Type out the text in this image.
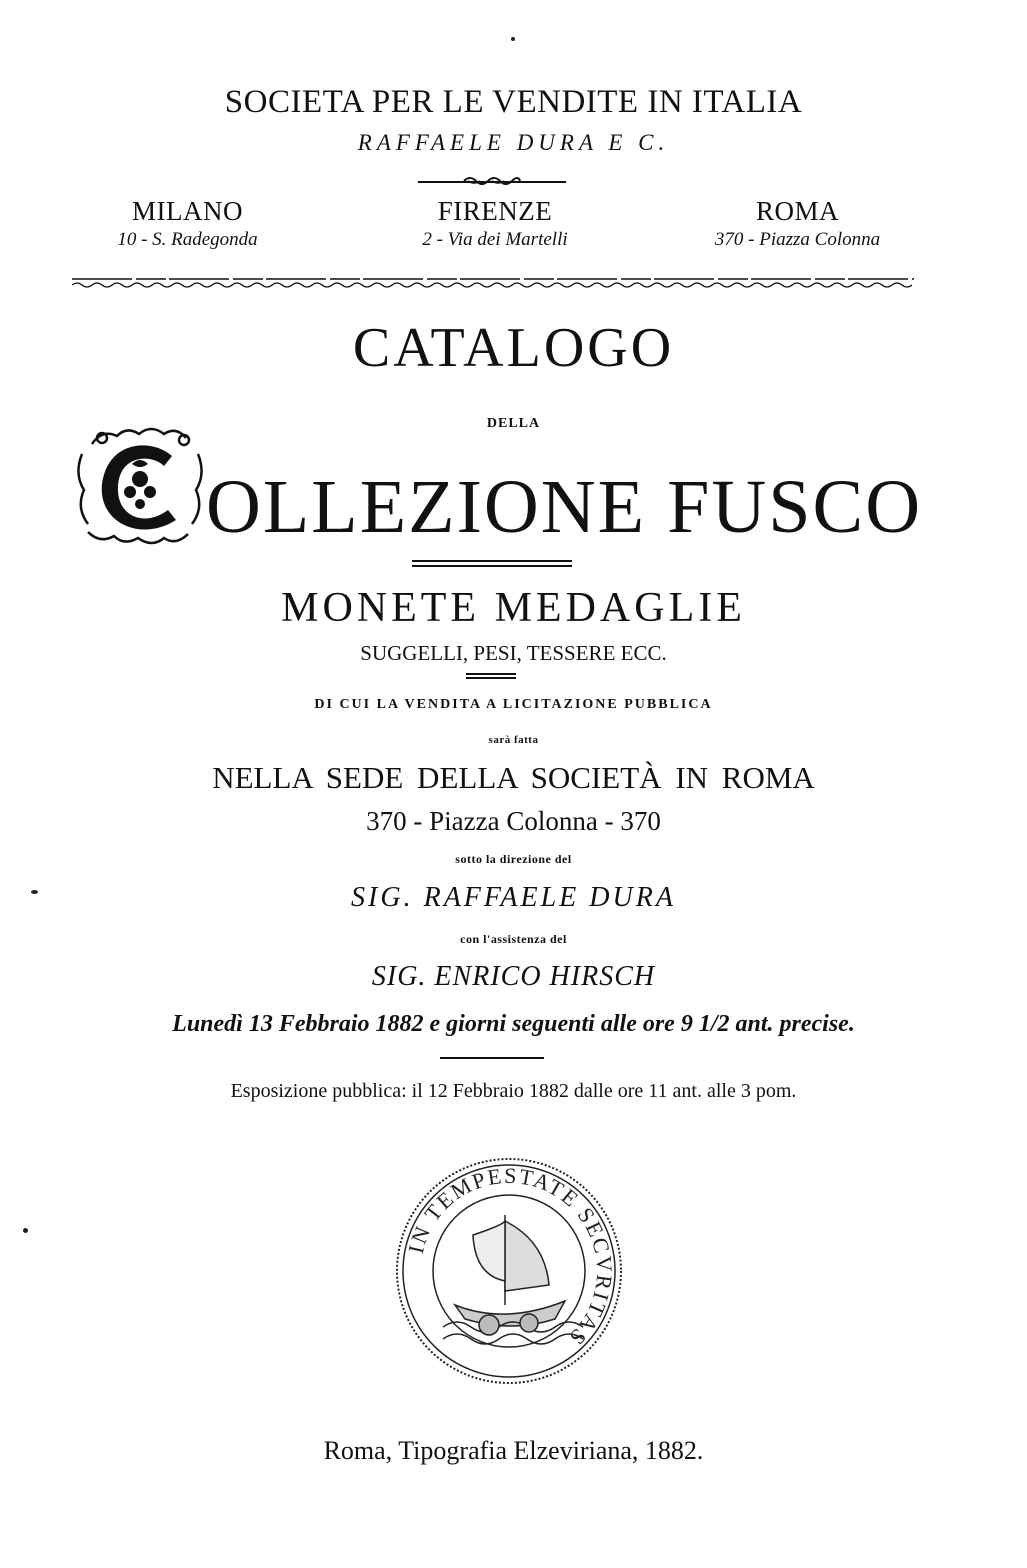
SOCIETA PER LE VENDITE IN ITALIA
RAFFAELE DURA E C.
MILANO
10 - S. Radegonda
FIRENZE
2 - Via dei Martelli
ROMA
370 - Piazza Colonna
CATALOGO
DELLA
OLLEZIONE FUSCO
MONETE MEDAGLIE
SUGGELLI, PESI, TESSERE ECC.
DI CUI LA VENDITA A LICITAZIONE PUBBLICA
sarà fatta
NELLA SEDE DELLA SOCIETÀ IN ROMA
370 - Piazza Colonna - 370
sotto la direzione del
SIG. RAFFAELE DURA
con l'assistenza del
SIG. ENRICO HIRSCH
Lunedì 13 Febbraio 1882 e giorni seguenti alle ore 9 1/2 ant. precise.
Esposizione pubblica: il 12 Febbraio 1882 dalle ore 11 ant. alle 3 pom.
IN TEMPESTATE SECVRITAS
Roma, Tipografia Elzeviriana, 1882.
